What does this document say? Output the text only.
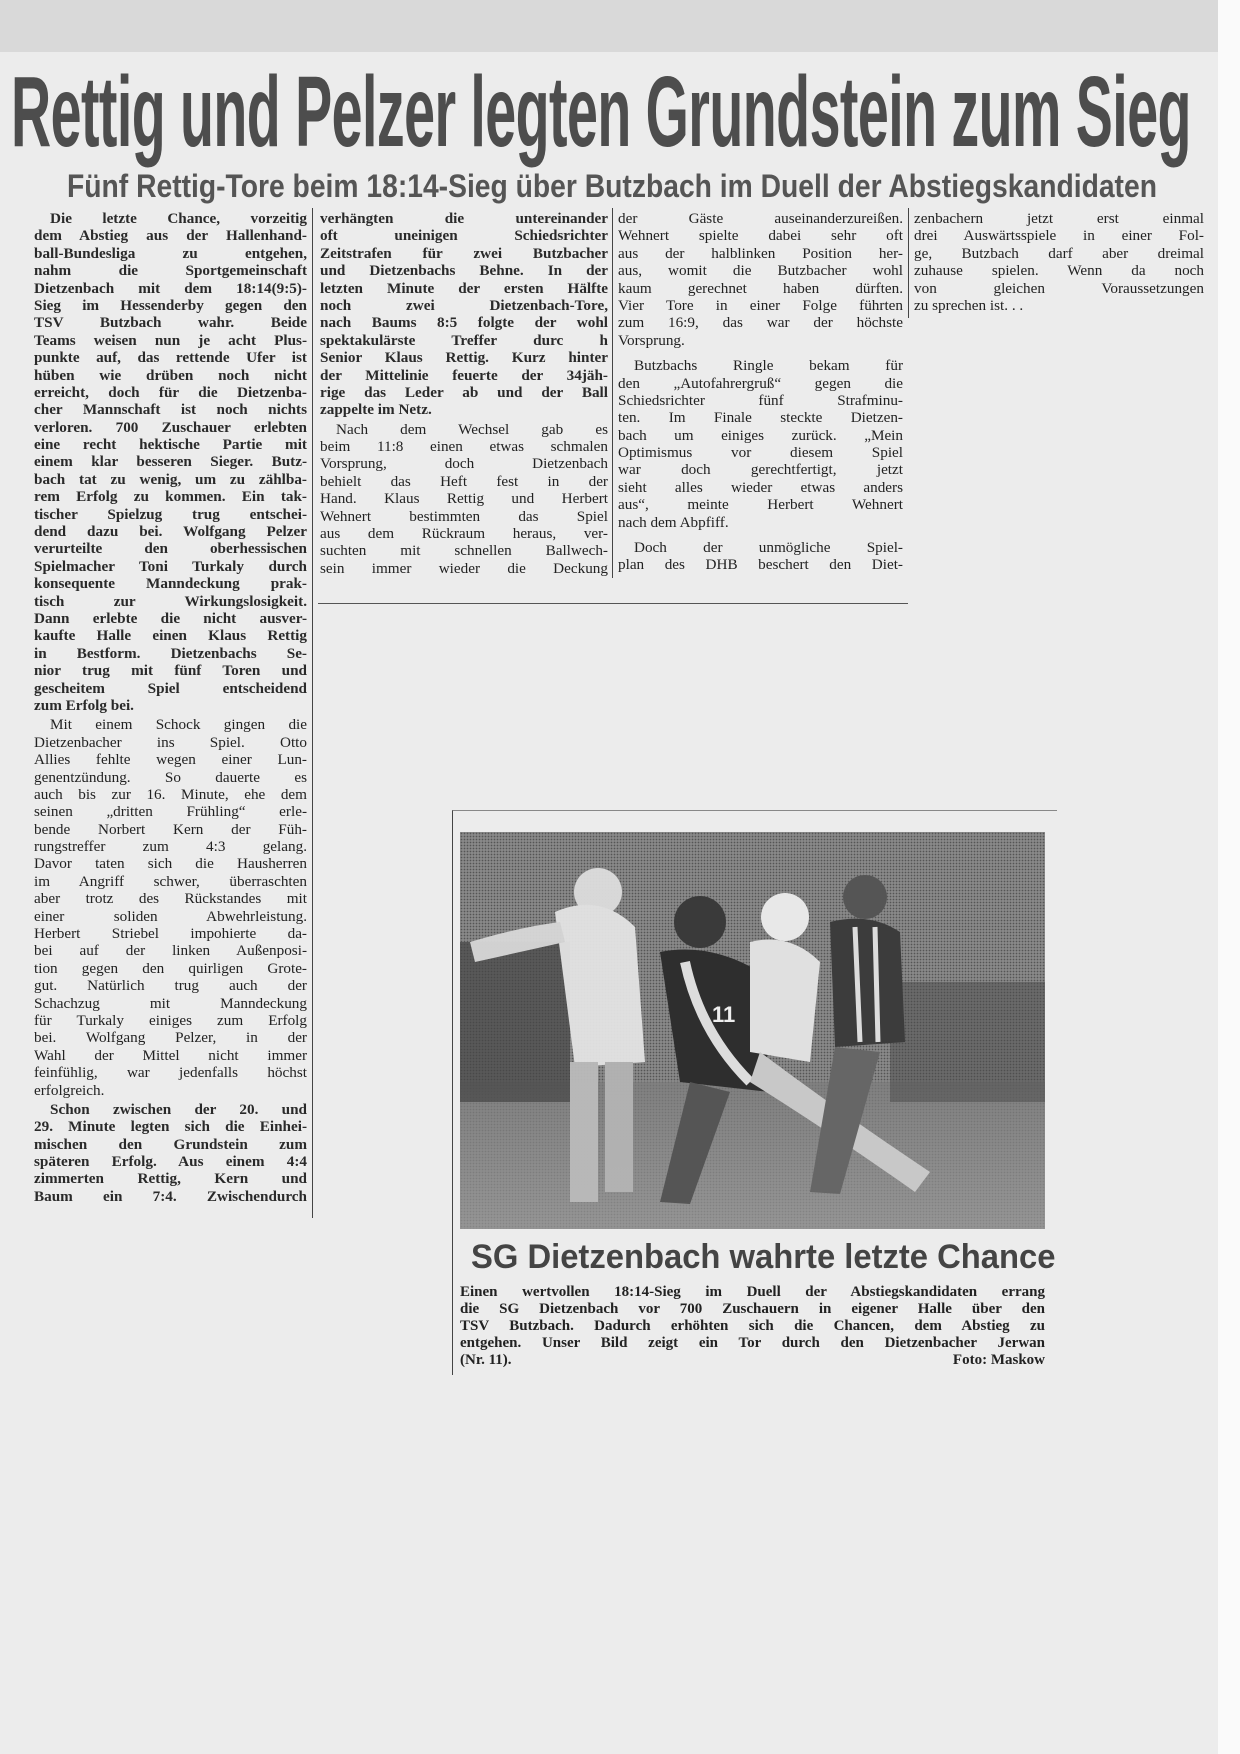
Rettig und Pelzer legten Grundstein zum Sieg
Fünf Rettig-Tore beim 18:14-Sieg über Butzbach im Duell der Abstiegskandidaten
Die letzte Chance, vorzeitig
dem Abstieg aus der Hallenhand-
ball-Bundesliga zu entgehen,
nahm die Sportgemeinschaft
Dietzenbach mit dem 18:14(9:5)-
Sieg im Hessenderby gegen den
TSV Butzbach wahr. Beide
Teams weisen nun je acht Plus-
punkte auf, das rettende Ufer ist
hüben wie drüben noch nicht
erreicht, doch für die Dietzenba-
cher Mannschaft ist noch nichts
verloren. 700 Zuschauer erlebten
eine recht hektische Partie mit
einem klar besseren Sieger. Butz-
bach tat zu wenig, um zu zählba-
rem Erfolg zu kommen. Ein tak-
tischer Spielzug trug entschei-
dend dazu bei. Wolfgang Pelzer
verurteilte den oberhessischen
Spielmacher Toni Turkaly durch
konsequente Manndeckung prak-
tisch zur Wirkungslosigkeit.
Dann erlebte die nicht ausver-
kaufte Halle einen Klaus Rettig
in Bestform. Dietzenbachs Se-
nior trug mit fünf Toren und
gescheitem Spiel entscheidend
zum Erfolg bei.
Mit einem Schock gingen die
Dietzenbacher ins Spiel. Otto
Allies fehlte wegen einer Lun-
genentzündung. So dauerte es
auch bis zur 16. Minute, ehe dem
seinen „dritten Frühling“ erle-
bende Norbert Kern der Füh-
rungstreffer zum 4:3 gelang.
Davor taten sich die Hausherren
im Angriff schwer, überraschten
aber trotz des Rückstandes mit
einer soliden Abwehrleistung.
Herbert Striebel impohierte da-
bei auf der linken Außenposi-
tion gegen den quirligen Grote-
gut. Natürlich trug auch der
Schachzug mit Manndeckung
für Turkaly einiges zum Erfolg
bei. Wolfgang Pelzer, in der
Wahl der Mittel nicht immer
feinfühlig, war jedenfalls höchst
erfolgreich.
Schon zwischen der 20. und
29. Minute legten sich die Einhei-
mischen den Grundstein zum
späteren Erfolg. Aus einem 4:4
zimmerten Rettig, Kern und
Baum ein 7:4. Zwischendurch
verhängten die untereinander
oft uneinigen Schiedsrichter
Zeitstrafen für zwei Butzbacher
und Dietzenbachs Behne. In der
letzten Minute der ersten Hälfte
noch zwei Dietzenbach-Tore,
nach Baums 8:5 folgte der wohl
spektakulärste Treffer durc h
Senior Klaus Rettig. Kurz hinter
der Mittelinie feuerte der 34jäh-
rige das Leder ab und der Ball
zappelte im Netz.
Nach dem Wechsel gab es
beim 11:8 einen etwas schmalen
Vorsprung, doch Dietzenbach
behielt das Heft fest in der
Hand. Klaus Rettig und Herbert
Wehnert bestimmten das Spiel
aus dem Rückraum heraus, ver-
suchten mit schnellen Ballwech-
sein immer wieder die Deckung
der Gäste auseinanderzureißen.
Wehnert spielte dabei sehr oft
aus der halblinken Position her-
aus, womit die Butzbacher wohl
kaum gerechnet haben dürften.
Vier Tore in einer Folge führten
zum 16:9, das war der höchste
Vorsprung.
Butzbachs Ringle bekam für
den „Autofahrergruß“ gegen die
Schiedsrichter fünf Strafminu-
ten. Im Finale steckte Dietzen-
bach um einiges zurück. „Mein
Optimismus vor diesem Spiel
war doch gerechtfertigt, jetzt
sieht alles wieder etwas anders
aus“, meinte Herbert Wehnert
nach dem Abpfiff.
Doch der unmögliche Spiel-
plan des DHB beschert den Diet-
zenbachern jetzt erst einmal
drei Auswärtsspiele in einer Fol-
ge, Butzbach darf aber dreimal
zuhause spielen. Wenn da noch
von gleichen Voraussetzungen
zu sprechen ist. . .
11
SG Dietzenbach wahrte letzte Chance
Einen wertvollen 18:14-Sieg im Duell der Abstiegskandidaten errang
die SG Dietzenbach vor 700 Zuschauern in eigener Halle über den
TSV Butzbach. Dadurch erhöhten sich die Chancen, dem Abstieg zu
entgehen. Unser Bild zeigt ein Tor durch den Dietzenbacher Jerwan
(Nr. 11).	Foto: Maskow
